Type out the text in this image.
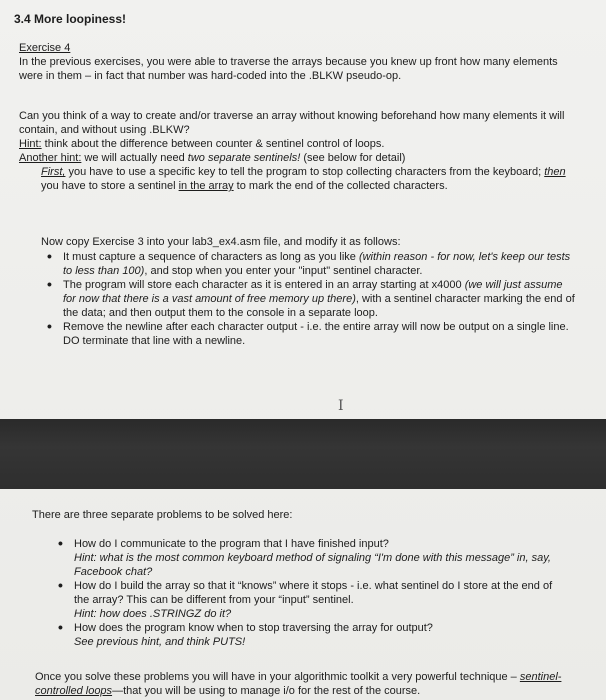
3.4 More loopiness!
Exercise 4
In the previous exercises, you were able to traverse the arrays because you knew up front how many elements were in them – in fact that number was hard-coded into the .BLKW pseudo-op.
Can you think of a way to create and/or traverse an array without knowing beforehand how many elements it will contain, and without using .BLKW?
Hint: think about the difference between counter & sentinel control of loops.
Another hint: we will actually need two separate sentinels! (see below for detail)
First, you have to use a specific key to tell the program to stop collecting characters from the keyboard; then you have to store a sentinel in the array to mark the end of the collected characters.
Now copy Exercise 3 into your lab3_ex4.asm file, and modify it as follows:
• It must capture a sequence of characters as long as you like (within reason - for now, let's keep our tests to less than 100), and stop when you enter your "input" sentinel character.
• The program will store each character as it is entered in an array starting at x4000 (we will just assume for now that there is a vast amount of free memory up there), with a sentinel character marking the end of the data; and then output them to the console in a separate loop.
• Remove the newline after each character output - i.e. the entire array will now be output on a single line. DO terminate that line with a newline.
I
There are three separate problems to be solved here:
• How do I communicate to the program that I have finished input?
Hint: what is the most common keyboard method of signaling “I'm done with this message” in, say, Facebook chat?
• How do I build the array so that it “knows” where it stops - i.e. what sentinel do I store at the end of the array? This can be different from your “input” sentinel.
Hint: how does .STRINGZ do it?
• How does the program know when to stop traversing the array for output?
See previous hint, and think PUTS!
Once you solve these problems you will have in your algorithmic toolkit a very powerful technique – sentinel-controlled loops—that you will be using to manage i/o for the rest of the course.
